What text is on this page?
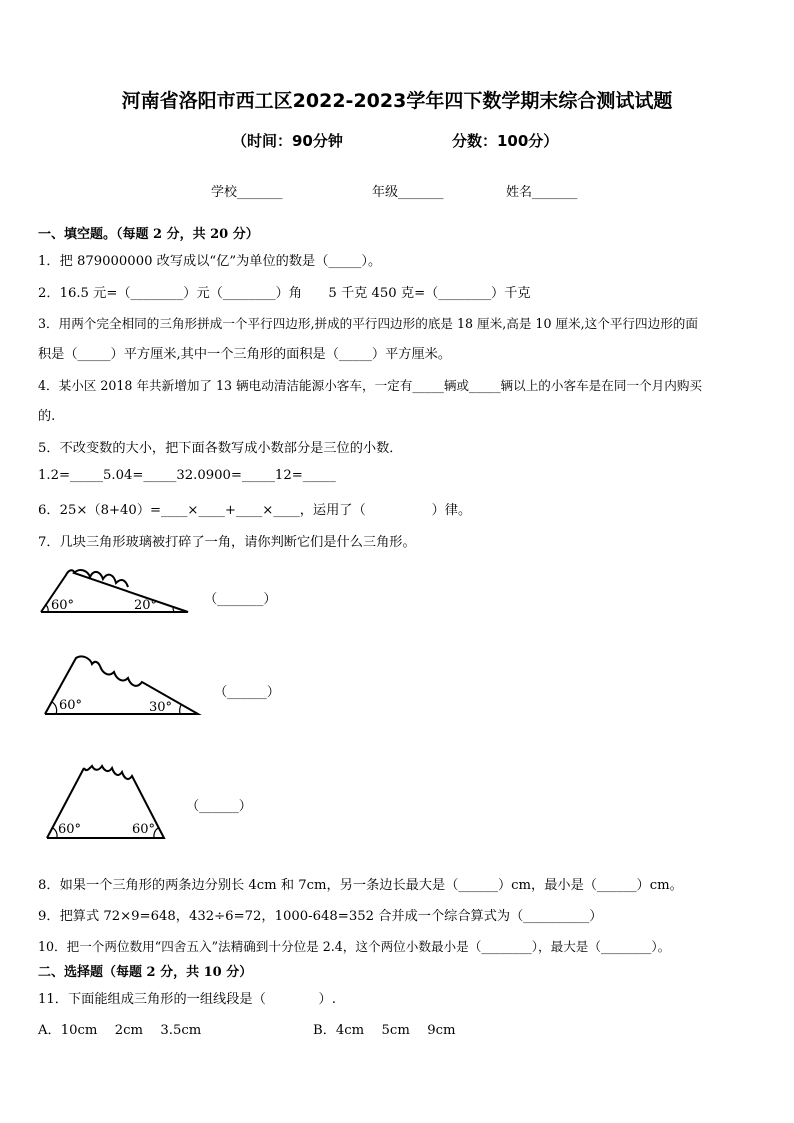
河南省洛阳市西工区2022-2023学年四下数学期末综合测试试题
（时间：90分钟	分数：100分）
学校_______	年级_______	姓名_______
一、填空题。（每题 2 分，共 20 分）
1．把 879000000 改写成以“亿”为单位的数是（_____）。
2．16.5 元=（________）元（________）角　　5 千克 450 克=（________）千克
3．用两个完全相同的三角形拼成一个平行四边形,拼成的平行四边形的底是 18 厘米,高是 10 厘米,这个平行四边形的面
积是（_____）平方厘米,其中一个三角形的面积是（_____）平方厘米。
4．某小区 2018 年共新增加了 13 辆电动清洁能源小客车，一定有_____辆或_____辆以上的小客车是在同一个月内购买
的.
5．不改变数的大小，把下面各数写成小数部分是三位的小数．
1.2=_____5.04=_____32.0900=_____12=_____
6．25×（8+40）=____×____+____×____，运用了（　　　　　）律。
7．几块三角形玻璃被打碎了一角，请你判断它们是什么三角形。
60°	20°	（_______）
60°	30°
（______）
60°	60°
（______）
8．如果一个三角形的两条边分别长 4cm 和 7cm，另一条边长最大是（______）cm，最小是（______）cm。
9．把算式 72×9=648，432÷6=72，1000-648=352 合并成一个综合算式为（__________）
10．把一个两位数用“四舍五入”法精确到十分位是 2.4，这个两位小数最小是（________），最大是（________）。
二、选择题（每题 2 分，共 10 分）
11．下面能组成三角形的一组线段是（　　　　）.
A．10cm　 2cm　 3.5cm	B．4cm　 5cm　 9cm
